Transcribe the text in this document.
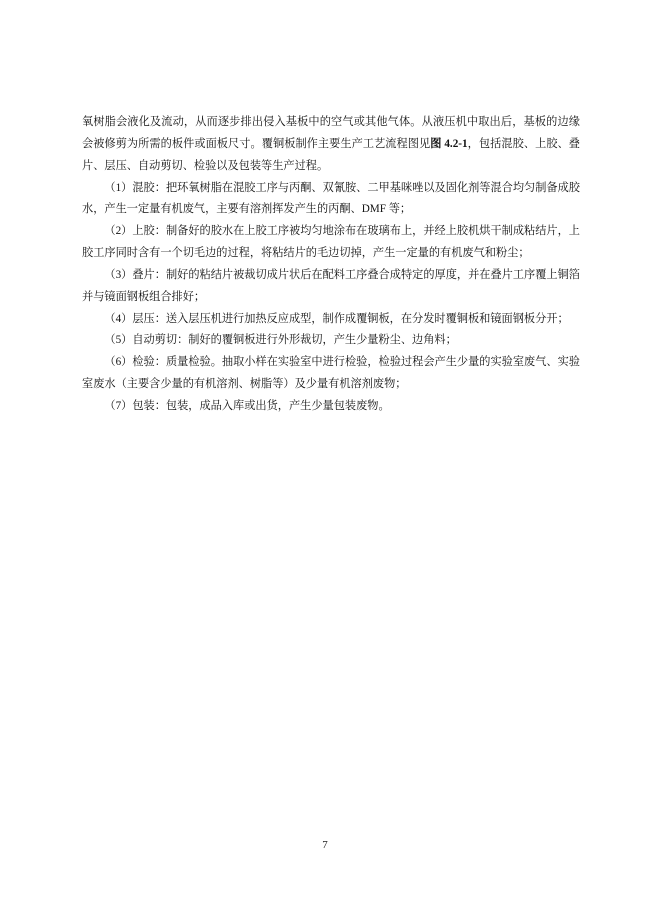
氧树脂会液化及流动，从而逐步排出侵入基板中的空气或其他气体。从液压机中取出后，基板的边缘会被修剪为所需的板件或面板尺寸。覆铜板制作主要生产工艺流程图见图 4.2-1，包括混胶、上胶、叠片、层压、自动剪切、检验以及包装等生产过程。

（1）混胶：把环氧树脂在混胶工序与丙酮、双氰胺、二甲基咪唑以及固化剂等混合均匀制备成胶水，产生一定量有机废气，主要有溶剂挥发产生的丙酮、DMF 等；

（2）上胶：制备好的胶水在上胶工序被均匀地涂布在玻璃布上，并经上胶机烘干制成粘结片，上胶工序同时含有一个切毛边的过程，将粘结片的毛边切掉，产生一定量的有机废气和粉尘；

（3）叠片：制好的粘结片被裁切成片状后在配料工序叠合成特定的厚度，并在叠片工序覆上铜箔并与镜面钢板组合排好；

（4）层压：送入层压机进行加热反应成型，制作成覆铜板，在分发时覆铜板和镜面钢板分开；

（5）自动剪切：制好的覆铜板进行外形裁切，产生少量粉尘、边角料；

（6）检验：质量检验。抽取小样在实验室中进行检验，检验过程会产生少量的实验室废气、实验室废水（主要含少量的有机溶剂、树脂等）及少量有机溶剂废物；

（7）包装：包装，成品入库或出货，产生少量包装废物。

7
